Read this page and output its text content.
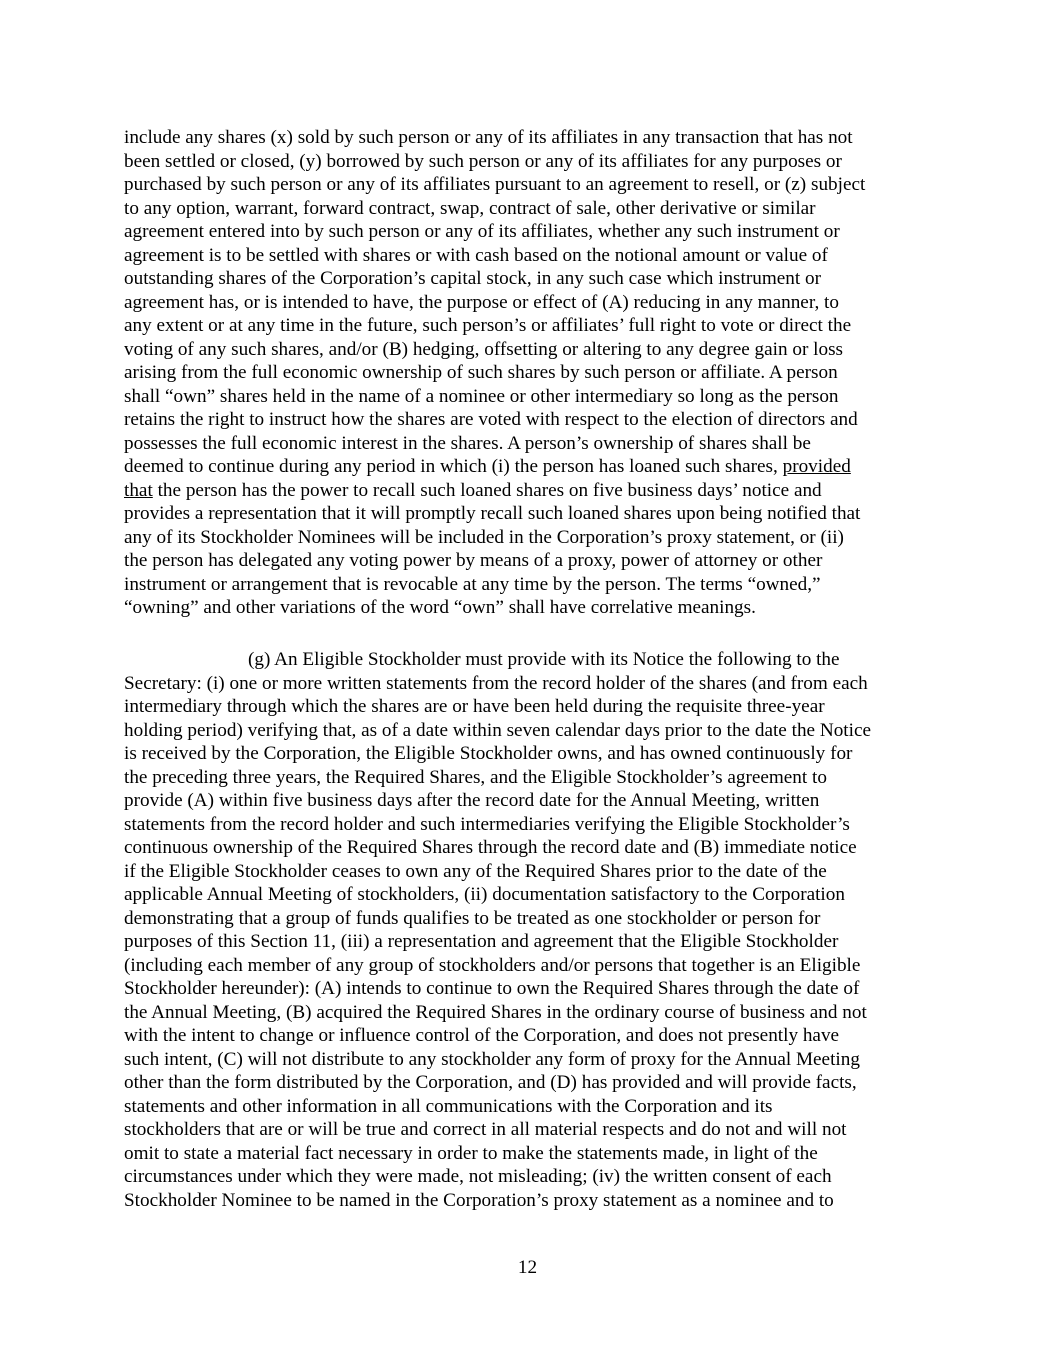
include any shares (x) sold by such person or any of its affiliates in any transaction that has not
been settled or closed, (y) borrowed by such person or any of its affiliates for any purposes or
purchased by such person or any of its affiliates pursuant to an agreement to resell, or (z) subject
to any option, warrant, forward contract, swap, contract of sale, other derivative or similar
agreement entered into by such person or any of its affiliates, whether any such instrument or
agreement is to be settled with shares or with cash based on the notional amount or value of
outstanding shares of the Corporation’s capital stock, in any such case which instrument or
agreement has, or is intended to have, the purpose or effect of (A) reducing in any manner, to
any extent or at any time in the future, such person’s or affiliates’ full right to vote or direct the
voting of any such shares, and/or (B) hedging, offsetting or altering to any degree gain or loss
arising from the full economic ownership of such shares by such person or affiliate. A person
shall “own” shares held in the name of a nominee or other intermediary so long as the person
retains the right to instruct how the shares are voted with respect to the election of directors and
possesses the full economic interest in the shares. A person’s ownership of shares shall be
deemed to continue during any period in which (i) the person has loaned such shares, provided
that the person has the power to recall such loaned shares on five business days’ notice and
provides a representation that it will promptly recall such loaned shares upon being notified that
any of its Stockholder Nominees will be included in the Corporation’s proxy statement, or (ii)
the person has delegated any voting power by means of a proxy, power of attorney or other
instrument or arrangement that is revocable at any time by the person. The terms “owned,”
“owning” and other variations of the word “own” shall have correlative meanings.
(g) An Eligible Stockholder must provide with its Notice the following to the
Secretary: (i) one or more written statements from the record holder of the shares (and from each
intermediary through which the shares are or have been held during the requisite three-year
holding period) verifying that, as of a date within seven calendar days prior to the date the Notice
is received by the Corporation, the Eligible Stockholder owns, and has owned continuously for
the preceding three years, the Required Shares, and the Eligible Stockholder’s agreement to
provide (A) within five business days after the record date for the Annual Meeting, written
statements from the record holder and such intermediaries verifying the Eligible Stockholder’s
continuous ownership of the Required Shares through the record date and (B) immediate notice
if the Eligible Stockholder ceases to own any of the Required Shares prior to the date of the
applicable Annual Meeting of stockholders, (ii) documentation satisfactory to the Corporation
demonstrating that a group of funds qualifies to be treated as one stockholder or person for
purposes of this Section 11, (iii) a representation and agreement that the Eligible Stockholder
(including each member of any group of stockholders and/or persons that together is an Eligible
Stockholder hereunder): (A) intends to continue to own the Required Shares through the date of
the Annual Meeting, (B) acquired the Required Shares in the ordinary course of business and not
with the intent to change or influence control of the Corporation, and does not presently have
such intent, (C) will not distribute to any stockholder any form of proxy for the Annual Meeting
other than the form distributed by the Corporation, and (D) has provided and will provide facts,
statements and other information in all communications with the Corporation and its
stockholders that are or will be true and correct in all material respects and do not and will not
omit to state a material fact necessary in order to make the statements made, in light of the
circumstances under which they were made, not misleading; (iv) the written consent of each
Stockholder Nominee to be named in the Corporation’s proxy statement as a nominee and to
12
